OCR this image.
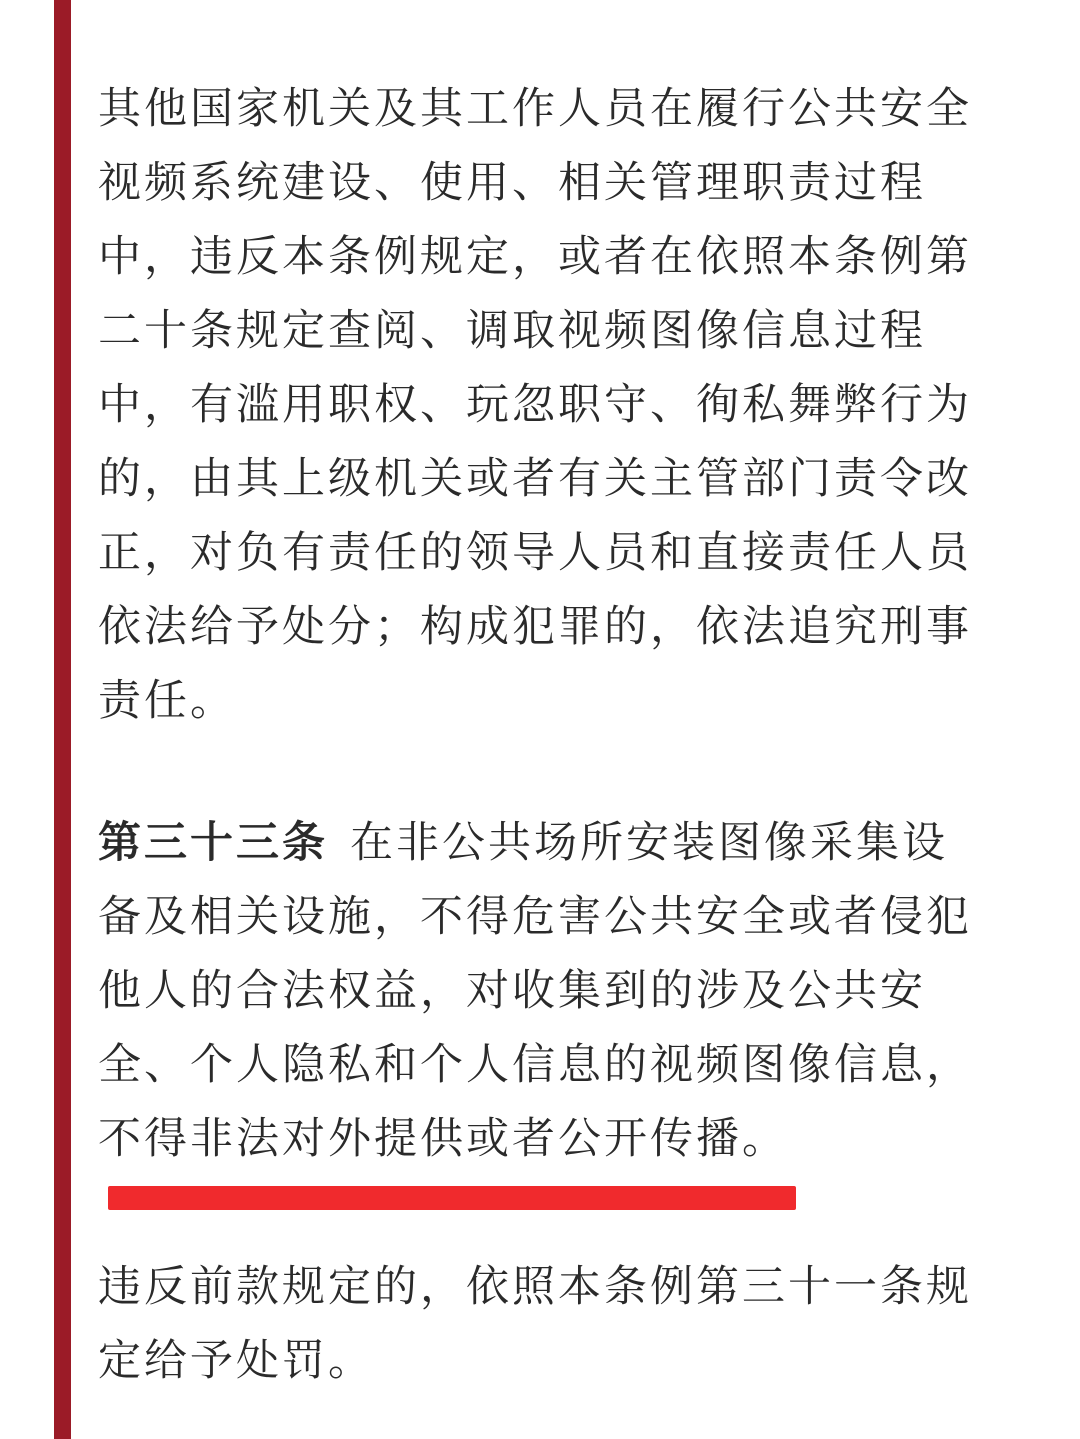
其他国家机关及其工作人员在履行公共安全
视频系统建设、使用、相关管理职责过程
中，违反本条例规定，或者在依照本条例第
二十条规定查阅、调取视频图像信息过程
中，有滥用职权、玩忽职守、徇私舞弊行为
的，由其上级机关或者有关主管部门责令改
正，对负有责任的领导人员和直接责任人员
依法给予处分；构成犯罪的，依法追究刑事
责任。
第三十三条 在非公共场所安装图像采集设
备及相关设施，不得危害公共安全或者侵犯
他人的合法权益，对收集到的涉及公共安
全、个人隐私和个人信息的视频图像信息，
不得非法对外提供或者公开传播。
违反前款规定的，依照本条例第三十一条规
定给予处罚。
